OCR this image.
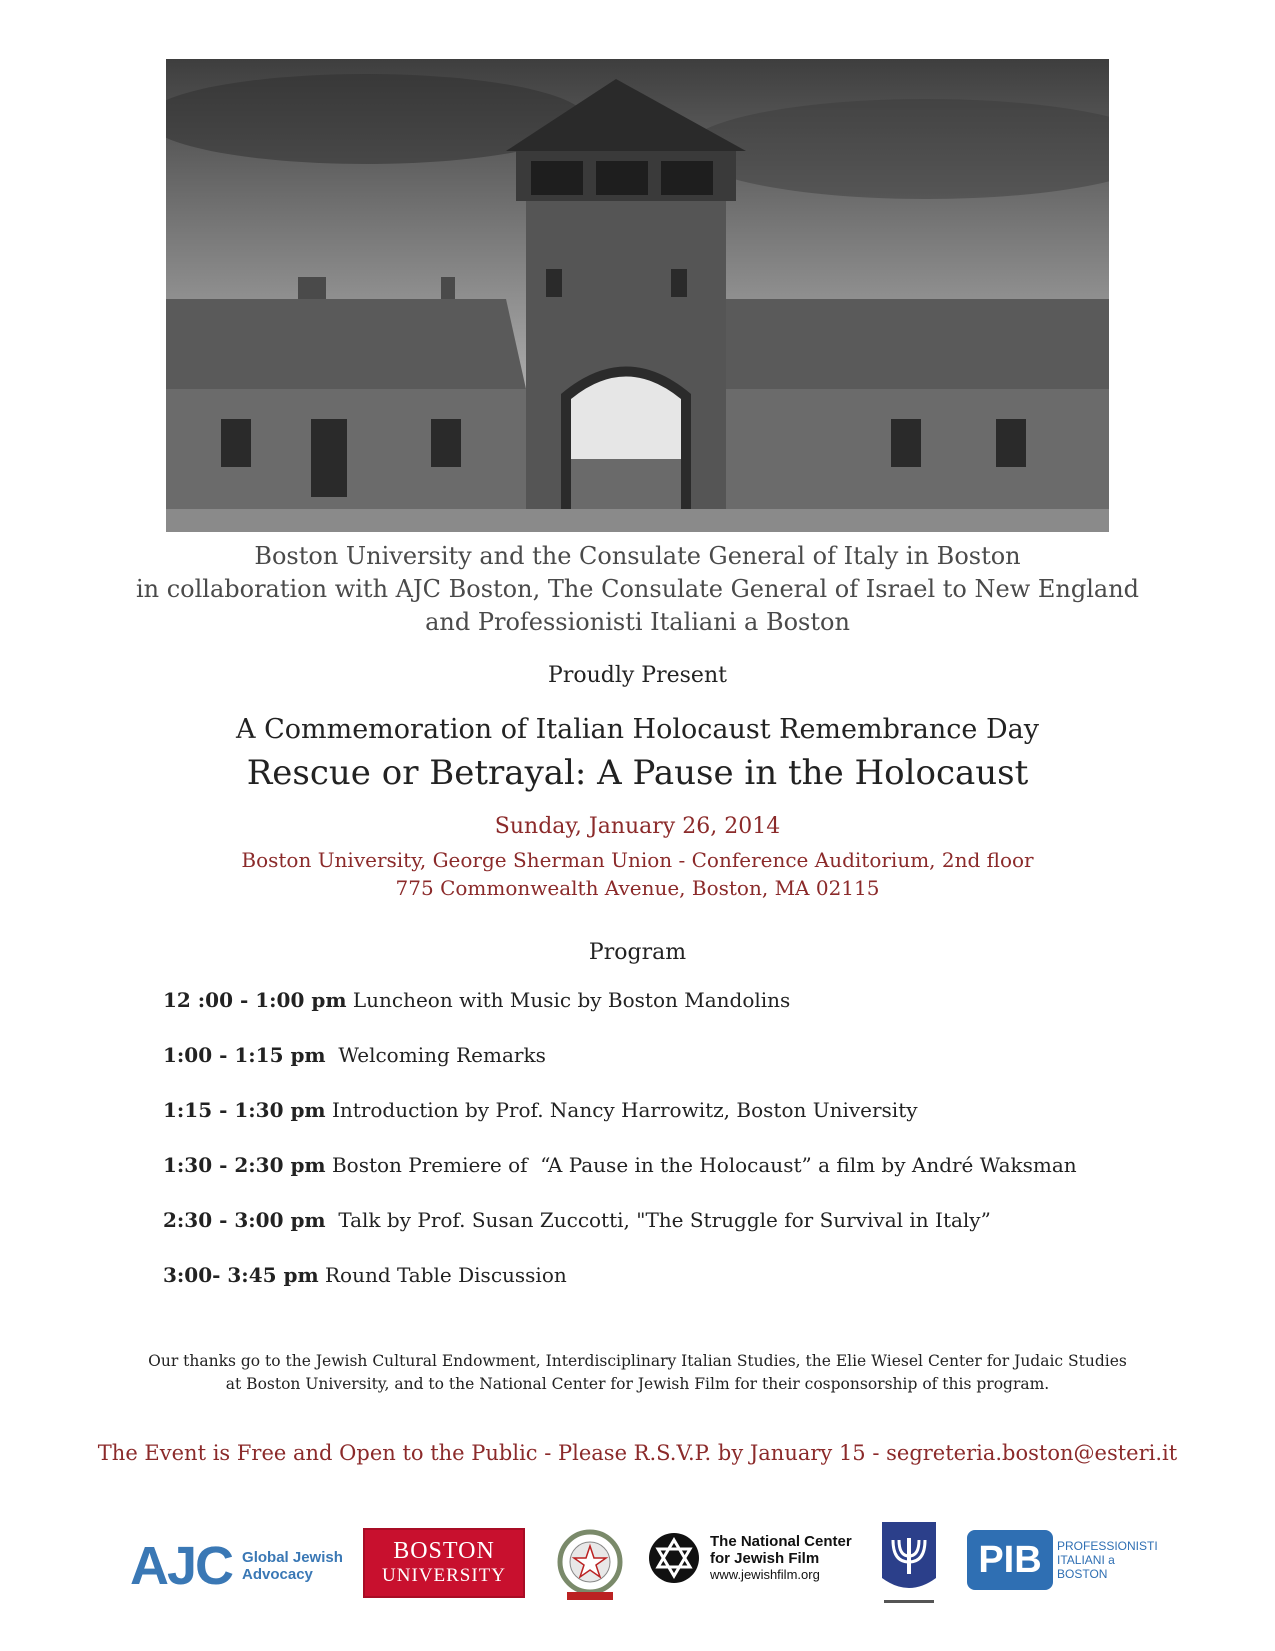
Boston University and the Consulate General of Italy in Boston
in collaboration with AJC Boston, The Consulate General of Israel to New England
and Professionisti Italiani a Boston
Proudly Present
A Commemoration of Italian Holocaust Remembrance Day
Rescue or Betrayal: A Pause in the Holocaust
Sunday, January 26, 2014
Boston University, George Sherman Union - Conference Auditorium, 2nd floor
775 Commonwealth Avenue, Boston, MA 02115
Program
12 :00 - 1:00 pm Luncheon with Music by Boston Mandolins
1:00 - 1:15 pm  Welcoming Remarks
1:15 - 1:30 pm Introduction by Prof. Nancy Harrowitz, Boston University
1:30 - 2:30 pm Boston Premiere of  “A Pause in the Holocaust” a film by André Waksman
2:30 - 3:00 pm  Talk by Prof. Susan Zuccotti, "The Struggle for Survival in Italy”
3:00- 3:45 pm Round Table Discussion
Our thanks go to the Jewish Cultural Endowment, Interdisciplinary Italian Studies, the Elie Wiesel Center for Judaic Studies
at Boston University, and to the National Center for Jewish Film for their cosponsorship of this program.
The Event is Free and Open to the Public - Please R.S.V.P. by January 15 - segreteria.boston@esteri.it
AJC Global Jewish
Advocacy
BOSTON
UNIVERSITY
The National Center
for Jewish Film
www.jewishfilm.org	PIB	PROFESSIONISTI
ITALIANI a
BOSTON
